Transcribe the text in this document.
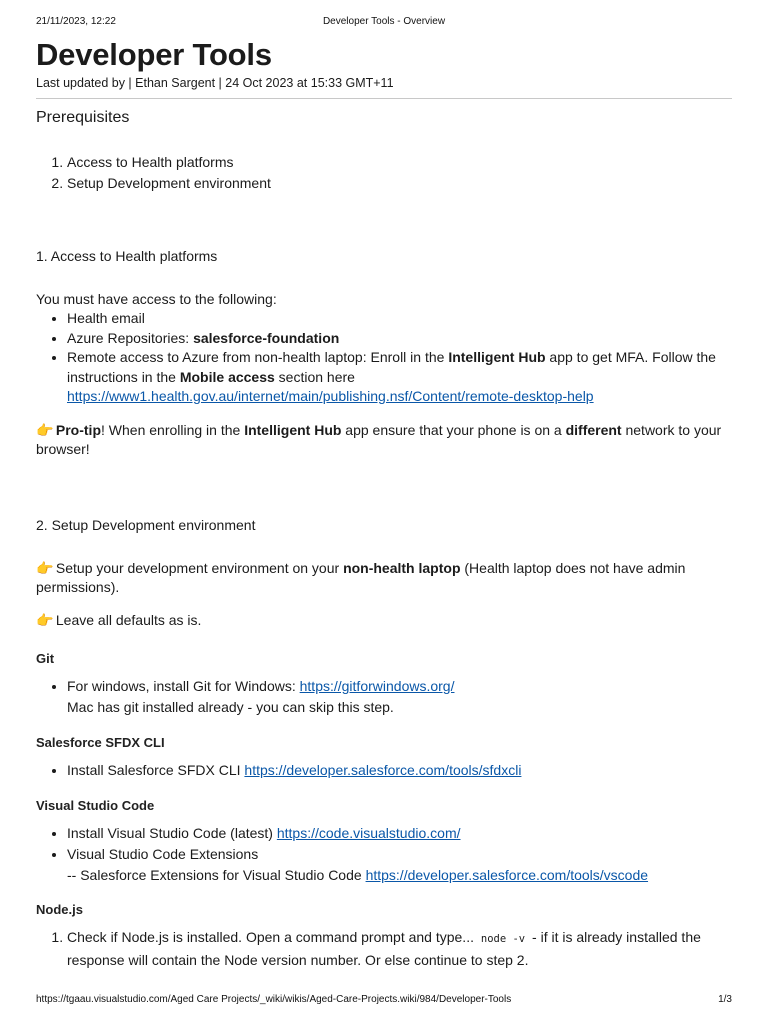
21/11/2023, 12:22	Developer Tools - Overview
Developer Tools
Last updated by | Ethan Sargent | 24 Oct 2023 at 15:33 GMT+11
Prerequisites
1. Access to Health platforms
2. Setup Development environment
1. Access to Health platforms

You must have access to the following:

• Health email
• Azure Repositories: salesforce-foundation
• Remote access to Azure from non-health laptop: Enroll in the Intelligent Hub app to get MFA. Follow the instructions in the Mobile access section here
https://www1.health.gov.au/internet/main/publishing.nsf/Content/remote-desktop-help

👉 Pro-tip! When enrolling in the Intelligent Hub app ensure that your phone is on a different network to your browser!

2. Setup Development environment

👉 Setup your development environment on your non-health laptop (Health laptop does not have admin permissions).

👉 Leave all defaults as is.

Git
• For windows, install Git for Windows: https://gitforwindows.org/
Mac has git installed already - you can skip this step.
Salesforce SFDX CLI
• Install Salesforce SFDX CLI https://developer.salesforce.com/tools/sfdxcli
Visual Studio Code
• Install Visual Studio Code (latest) https://code.visualstudio.com/
• Visual Studio Code Extensions
-- Salesforce Extensions for Visual Studio Code https://developer.salesforce.com/tools/vscode
Node.js
1. Check if Node.js is installed. Open a command prompt and type... node -v - if it is already installed the response will contain the Node version number. Or else continue to step 2.
https://tgaau.visualstudio.com/Aged Care Projects/_wiki/wikis/Aged-Care-Projects.wiki/984/Developer-Tools	1/3
